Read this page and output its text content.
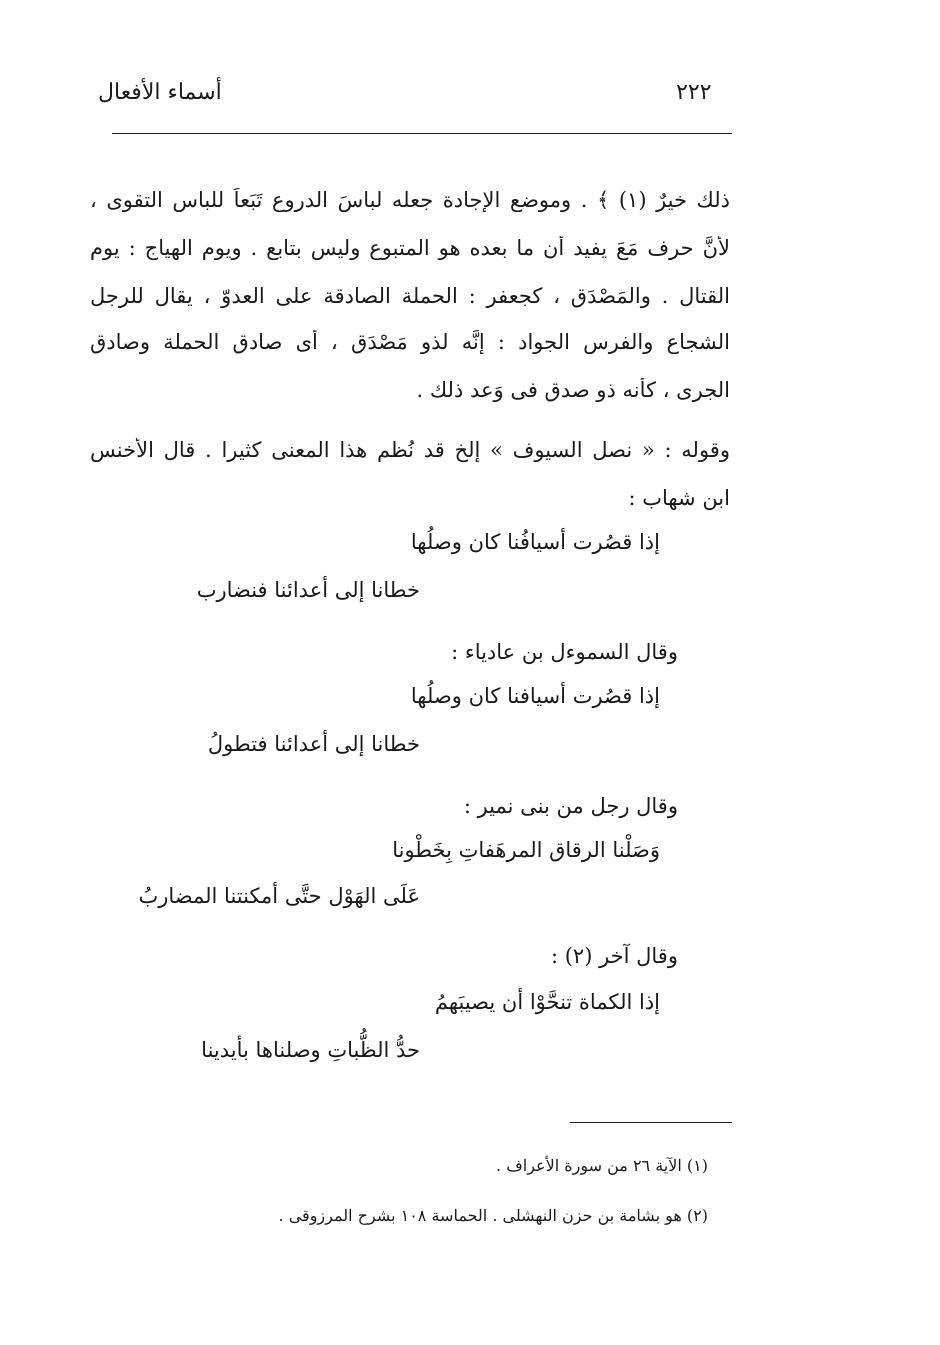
٢٢٢
أسماء الأفعال
ذلك خيرٌ (١) ﴾ . وموضع الإجادة جعله لباسَ الدروع تَبَعاً للباس التقوى ،
لأنَّ حرف مَعَ يفيد أن ما بعده هو المتبوع وليس بتابع . ويوم الهِياج : يوم
القتال . والمَصْدَق ، كجعفر : الحملة الصادقة على العدوّ ، يقال للرجل
الشجاع والفرس الجواد : إنَّه لذو مَصْدَق ، أى صادق الحملة وصادق
الجرى ، كأنه ذو صدق فى وَعد ذلك .
وقوله : « نصل السيوف » إلخ قد نُظم هذا المعنى كثيرا . قال الأخنس
ابن شهاب :
إذا قصُرت أسيافُنا كان وصلُها
خطانا إلى أعدائنا فنضارب
وقال السموءل بن عادياء :
إذا قصُرت أسيافنا كان وصلُها
خطانا إلى أعدائنا فتطولُ
وقال رجل من بنى نمير :
وَصَلْنا الرقاق المرهَفاتِ بِخَطْونا
عَلَى الهَوْل حتَّى أمكنتنا المضاربُ
وقال آخر (٢) :
إذا الكماة تنحَّوْا أن يصيبَهمُ
حدُّ الظُّباتِ وصلناها بأيدينا
(١) الآية ٢٦ من سورة الأعراف .
(٢) هو بشامة بن حزن النهشلى . الحماسة ١٠٨ بشرح المرزوقى .
